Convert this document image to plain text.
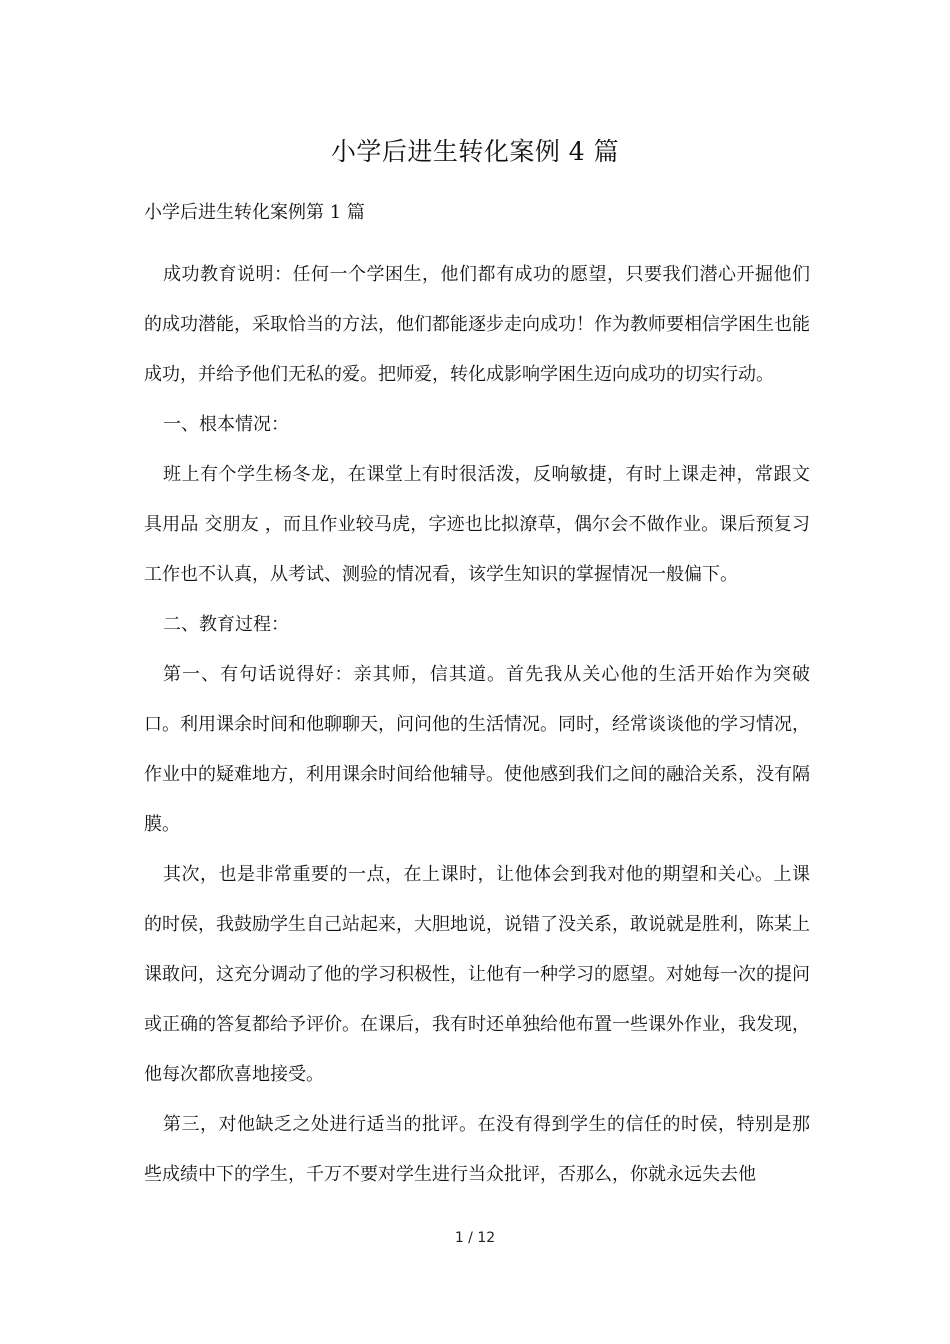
小学后进生转化案例 4 篇
小学后进生转化案例第 1 篇

成功教育说明：任何一个学困生，他们都有成功的愿望，只要我们潜心开掘他们的成功潜能，采取恰当的方法，他们都能逐步走向成功！作为教师要相信学困生也能成功，并给予他们无私的爱。把师爱，转化成影响学困生迈向成功的切实行动。

一、根本情况：

班上有个学生杨冬龙，在课堂上有时很活泼，反响敏捷，有时上课走神，常跟文具用品 交朋友 ，而且作业较马虎，字迹也比拟潦草，偶尔会不做作业。课后预复习工作也不认真，从考试、测验的情况看，该学生知识的掌握情况一般偏下。

二、教育过程：

第一、有句话说得好：亲其师，信其道。首先我从关心他的生活开始作为突破口。利用课余时间和他聊聊天，问问他的生活情况。同时，经常谈谈他的学习情况，作业中的疑难地方，利用课余时间给他辅导。使他感到我们之间的融洽关系，没有隔膜。

其次，也是非常重要的一点，在上课时，让他体会到我对他的期望和关心。上课的时侯，我鼓励学生自己站起来，大胆地说，说错了没关系，敢说就是胜利，陈某上课敢问，这充分调动了他的学习积极性，让他有一种学习的愿望。对她每一次的提问或正确的答复都给予评价。在课后，我有时还单独给他布置一些课外作业，我发现，他每次都欣喜地接受。

第三，对他缺乏之处进行适当的批评。在没有得到学生的信任的时侯，特别是那些成绩中下的学生，千万不要对学生进行当众批评，否那么，你就永远失去他

1 / 12
